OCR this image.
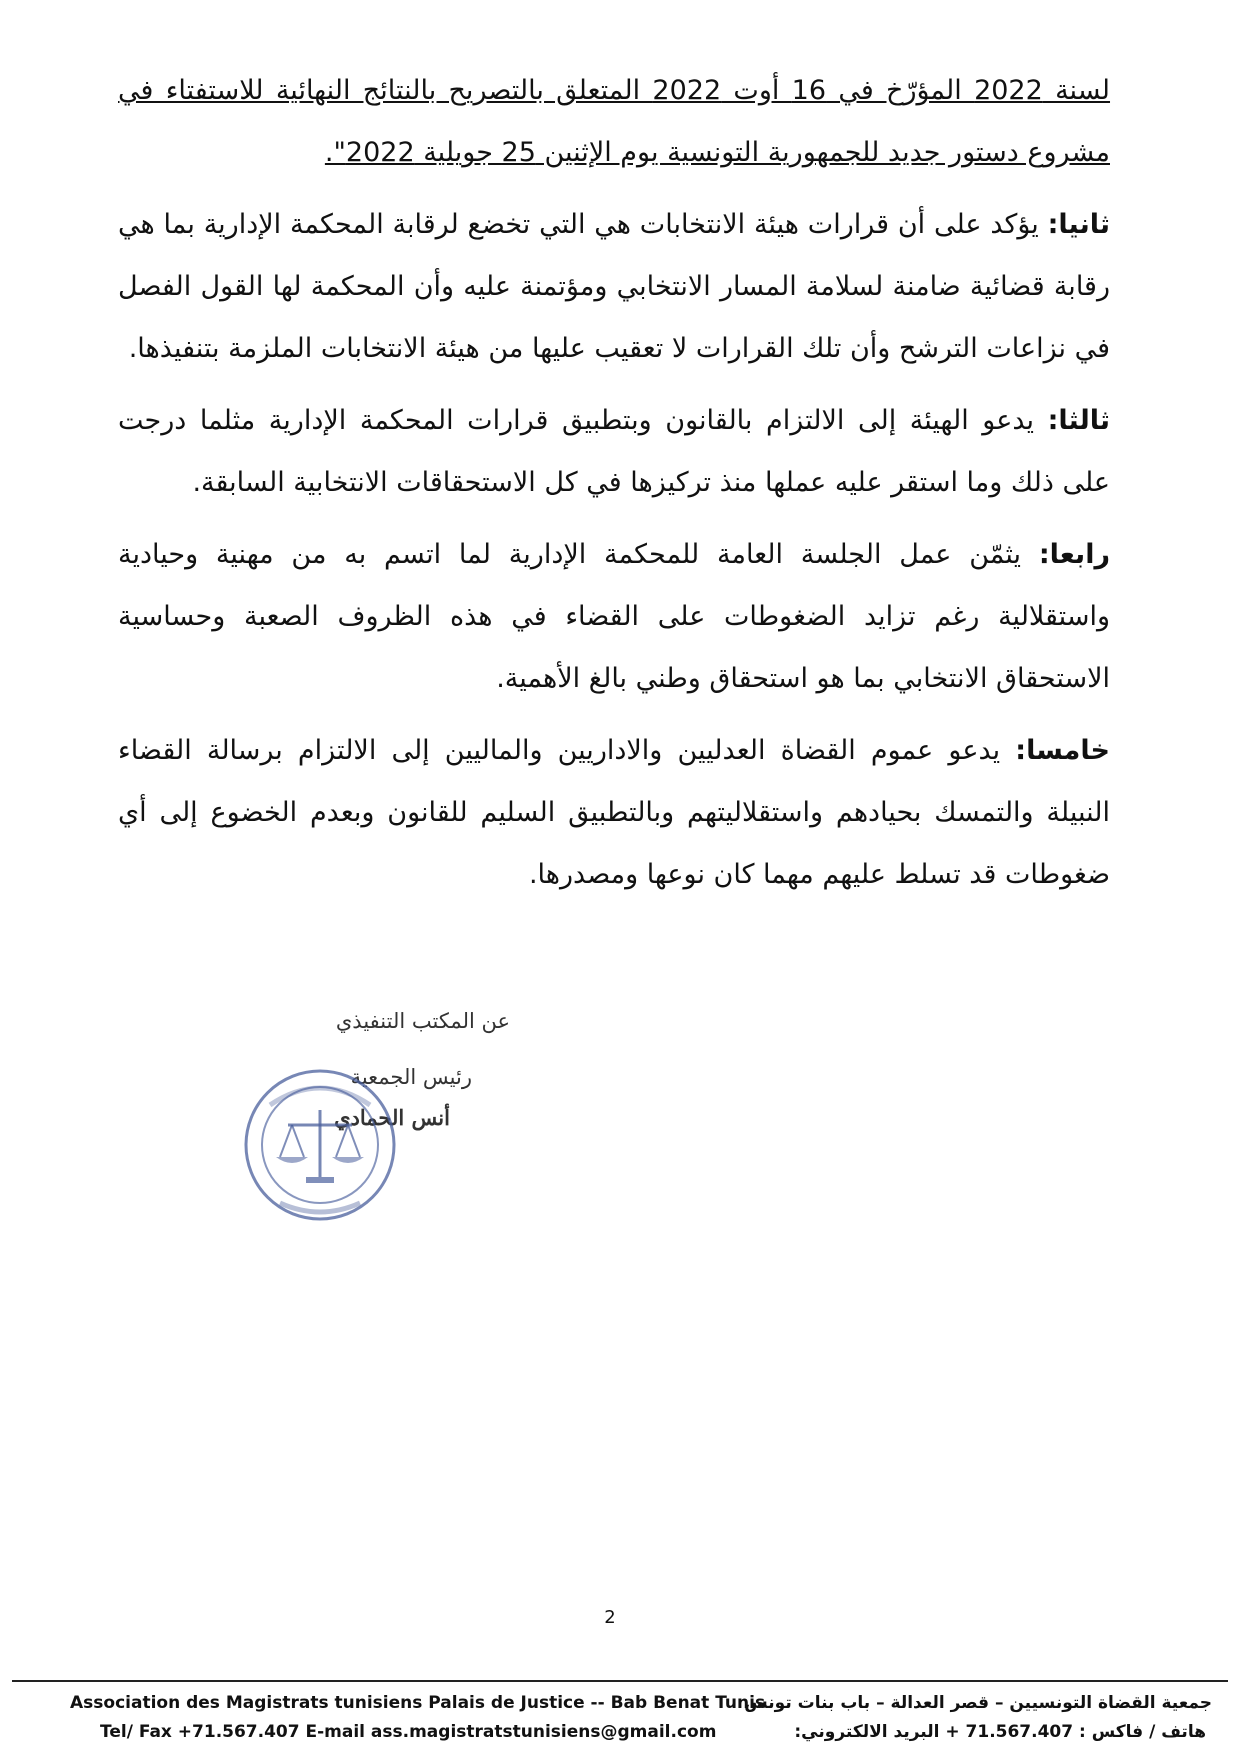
لسنة 2022 المؤرّخ في 16 أوت 2022 المتعلق بالتصريح بالنتائج النهائية للاستفتاء في مشروع دستور جديد للجمهورية التونسية يوم الإثنين 25 جويلية 2022".

ثانيا: يؤكد على أن قرارات هيئة الانتخابات هي التي تخضع لرقابة المحكمة الإدارية بما هي رقابة قضائية ضامنة لسلامة المسار الانتخابي ومؤتمنة عليه وأن المحكمة لها القول الفصل في نزاعات الترشح وأن تلك القرارات لا تعقيب عليها من هيئة الانتخابات الملزمة بتنفيذها.

ثالثا: يدعو الهيئة إلى الالتزام بالقانون وبتطبيق قرارات المحكمة الإدارية مثلما درجت على ذلك وما استقر عليه عملها منذ تركيزها في كل الاستحقاقات الانتخابية السابقة.

رابعا: يثمّن عمل الجلسة العامة للمحكمة الإدارية لما اتسم به من مهنية وحيادية واستقلالية رغم تزايد الضغوطات على القضاء في هذه الظروف الصعبة وحساسية الاستحقاق الانتخابي بما هو استحقاق وطني بالغ الأهمية.

خامسا: يدعو عموم القضاة العدليين والاداريين والماليين إلى الالتزام برسالة القضاء النبيلة والتمسك بحيادهم واستقلاليتهم وبالتطبيق السليم للقانون وبعدم الخضوع إلى أي ضغوطات قد تسلط عليهم مهما كان نوعها ومصدرها.

عن المكتب التنفيذي
رئيس الجمعية
أنس الحمادي
2
Association des Magistrats tunisiens Palais de Justice -- Bab Benat Tunis
جمعية القضاة التونسيين – قصر العدالة – باب بنات تونس
Tel/ Fax +71.567.407 E-mail ass.magistratstunisiens@gmail.com	هاتف / فاكس : 71.567.407 + البريد الالكتروني:
